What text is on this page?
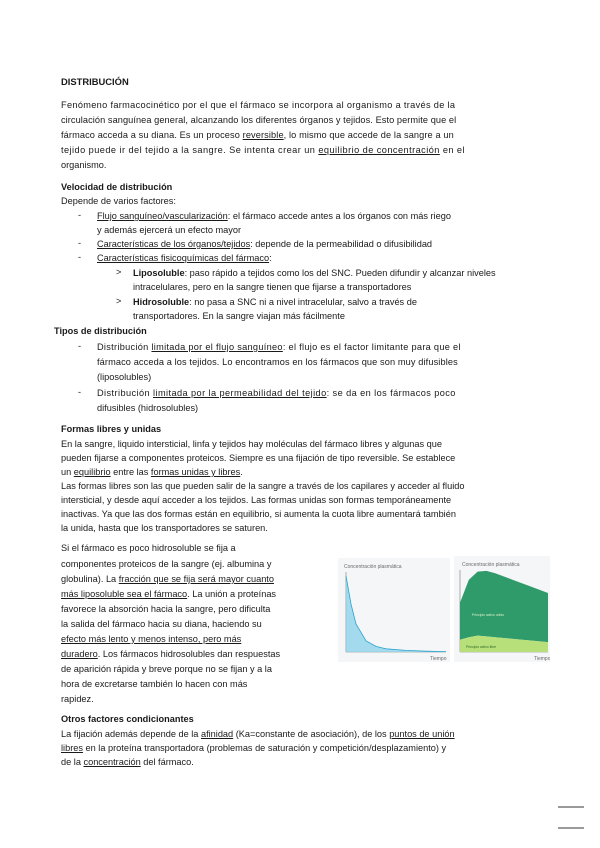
DISTRIBUCIÓN
Fenómeno farmacocinético por el que el fármaco se incorpora al organismo a través de la
circulación sanguínea general, alcanzando los diferentes órganos y tejidos. Esto permite que el
fármaco acceda a su diana. Es un proceso reversible, lo mismo que accede de la sangre a un
tejido puede ir del tejido a la sangre. Se intenta crear un equilibrio de concentración en el
organismo.
Velocidad de distribución
Depende de varios factores:
- Flujo sanguíneo/vascularización: el fármaco accede antes a los órganos con más riego
y además ejercerá un efecto mayor
- Características de los órganos/tejidos: depende de la permeabilidad o difusibilidad
- Características fisicoquímicas del fármaco:
> Liposoluble: paso rápido a tejidos como los del SNC. Pueden difundir y alcanzar niveles
intracelulares, pero en la sangre tienen que fijarse a transportadores
> Hidrosoluble: no pasa a SNC ni a nivel intracelular, salvo a través de
transportadores. En la sangre viajan más fácilmente
Tipos de distribución
- Distribución limitada por el flujo sanguíneo: el flujo es el factor limitante para que el
fármaco acceda a los tejidos. Lo encontramos en los fármacos que son muy difusibles
(liposolubles)
- Distribución limitada por la permeabilidad del tejido: se da en los fármacos poco
difusibles (hidrosolubles)
Formas libres y unidas
En la sangre, liquido intersticial, linfa y tejidos hay moléculas del fármaco libres y algunas que
pueden fijarse a componentes proteicos. Siempre es una fijación de tipo reversible. Se establece
un equilibrio entre las formas unidas y libres.
Las formas libres son las que pueden salir de la sangre a través de los capilares y acceder al fluido
intersticial, y desde aquí acceder a los tejidos. Las formas unidas son formas temporáneamente
inactivas. Ya que las dos formas están en equilibrio, si aumenta la cuota libre aumentará también
la unida, hasta que los transportadores se saturen.
Si el fármaco es poco hidrosoluble se fija a
componentes proteicos de la sangre (ej. albumina y
globulina). La fracción que se fija será mayor cuanto
más liposoluble sea el fármaco. La unión a proteínas
favorece la absorción hacia la sangre, pero dificulta
la salida del fármaco hacia su diana, haciendo su
efecto más lento y menos intenso, pero más
duradero. Los fármacos hidrosolubles dan respuestas
de aparición rápida y breve porque no se fijan y a la
hora de excretarse también lo hacen con más
rapidez.
Concentración plasmática
Tiempo
Concentración plasmática
Principio activo unido
Principio activo libre
Tiempo
Otros factores condicionantes
La fijación además depende de la afinidad (Ka=constante de asociación), de los puntos de unión
libres en la proteína transportadora (problemas de saturación y competición/desplazamiento) y
de la concentración del fármaco.
